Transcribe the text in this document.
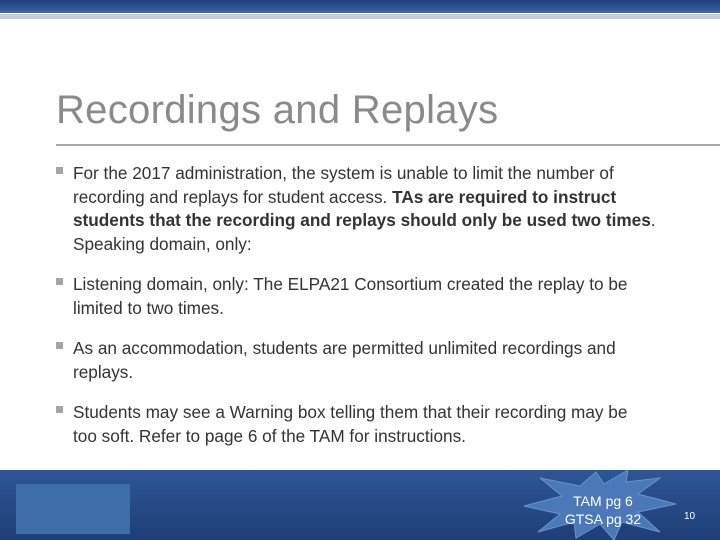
Recordings and Replays
For the 2017 administration, the system is unable to limit the number of recording and replays for student access. TAs are required to instruct students that the recording and replays should only be used two times. Speaking domain, only:
Listening domain, only: The ELPA21 Consortium created the replay to be limited to two times.
As an accommodation, students are permitted unlimited recordings and replays.
Students may see a Warning box telling them that their recording may be too soft. Refer to page 6 of the TAM for instructions.
TAM pg 6
GTSA pg 32	10
